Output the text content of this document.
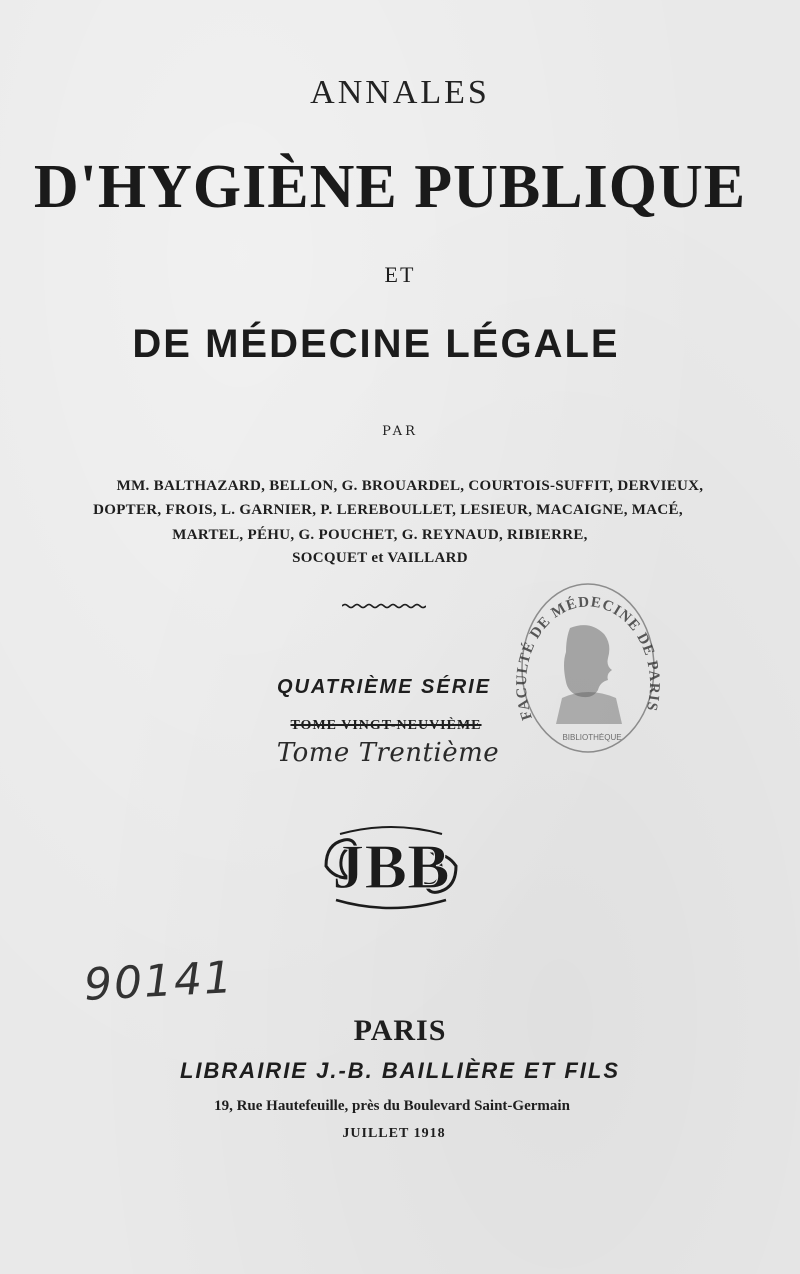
ANNALES
D'HYGIÈNE PUBLIQUE
ET
DE MÉDECINE LÉGALE
PAR
MM. BALTHAZARD, BELLON, G. BROUARDEL, COURTOIS-SUFFIT, DERVIEUX,
DOPTER, FROIS, L. GARNIER, P. LEREBOULLET, LESIEUR, MACAIGNE, MACÉ,
MARTEL, PÉHU, G. POUCHET, G. REYNAUD, RIBIERRE,
SOCQUET et VAILLARD
QUATRIÈME SÉRIE
TOME VINGT-NEUVIÈME
Tome Trentième
FACULTÉ DE MÉDECINE DE PARIS
BIBLIOTHÈQUE
JBB
90141
PARIS
LIBRAIRIE J.-B. BAILLIÈRE ET FILS
19, Rue Hautefeuille, près du Boulevard Saint-Germain
JUILLET 1918
